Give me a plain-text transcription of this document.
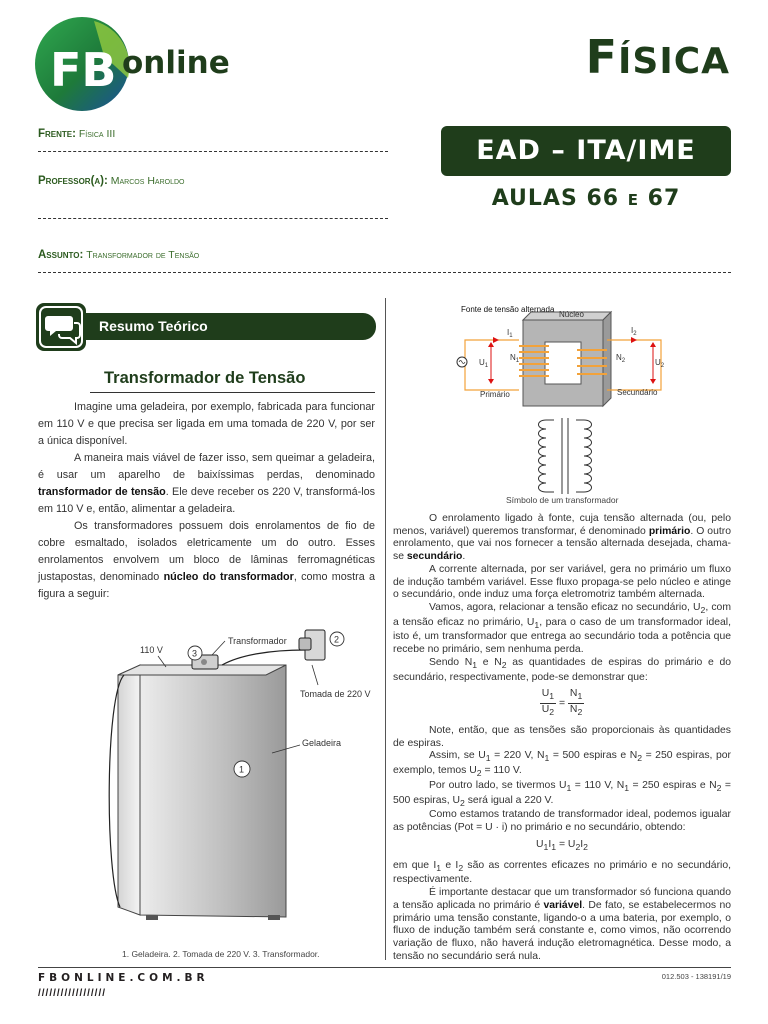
FB online	FÍSICA
Frente: Física III
Professor(a): Marcos Haroldo
Assunto: Transformador de Tensão
EAD – ITA/IME
AULAS 66 E 67
Resumo Teórico
Transformador de Tensão

Imagine uma geladeira, por exemplo, fabricada para funcionar em 110 V e que precisa ser ligada em uma tomada de 220 V, por ser a única disponível.

A maneira mais viável de fazer isso, sem queimar a geladeira, é usar um aparelho de baixíssimas perdas, denominado transformador de tensão. Ele deve receber os 220 V, transformá-los em 110 V e, então, alimentar a geladeira.

Os transformadores possuem dois enrolamentos de fio de cobre esmaltado, isolados eletricamente um do outro. Esses enrolamentos envolvem um bloco de lâminas ferromagnéticas justapostas, denominado núcleo do transformador, como mostra a figura a seguir:

110 V
Transformador
Tomada de 220 V
Geladeira
3
2
1
1. Geladeira. 2. Tomada de 220 V. 3. Transformador.
Fonte de tensão alternada
Núcleo
Primário	Secundário
$I_1$
$I_2$
$N_1$	$N_2$
$U_1$	$U_2$
Símbolo de um transformador

O enrolamento ligado à fonte, cuja tensão alternada (ou, pelo menos, variável) queremos transformar, é denominado primário. O outro enrolamento, que vai nos fornecer a tensão alternada desejada, chama-se secundário.

A corrente alternada, por ser variável, gera no primário um fluxo de indução também variável. Esse fluxo propaga-se pelo núcleo e atinge o secundário, onde induz uma força eletromotriz também alternada.

Vamos, agora, relacionar a tensão eficaz no secundário, $U_2$, com a tensão eficaz no primário, $U_1$, para o caso de um transformador ideal, isto é, um transformador que entrega ao secundário toda a potência que recebe no primário, sem nenhuma perda.

Sendo $N_1$ e $N_2$ as quantidades de espiras do primário e do secundário, respectivamente, pode-se demonstrar que:

$\frac{U_1}{U_2} = \frac{N_1}{N_2}$

Note, então, que as tensões são proporcionais às quantidades de espiras.

Assim, se $U_1 = 220$ V, $N_1 = 500$ espiras e $N_2 = 250$ espiras, por exemplo, temos $U_2 = 110$ V.

Por outro lado, se tivermos $U_1 = 110$ V, $N_1 = 250$ espiras e $N_2 = 500$ espiras, $U_2$ será igual a 220 V.

Como estamos tratando de transformador ideal, podemos igualar as potências (Pot = U · i) no primário e no secundário, obtendo:

$U_1I_1 = U_2I_2$

em que $I_1$ e $I_2$ são as correntes eficazes no primário e no secundário, respectivamente.

É importante destacar que um transformador só funciona quando a tensão aplicada no primário é variável. De fato, se estabelecermos no primário uma tensão constante, ligando-o a uma bateria, por exemplo, o fluxo de indução também será constante e, como vimos, não ocorrendo variação de fluxo, não haverá indução eletromagnética. Desse modo, a tensão no secundário será nula.

FBONLINE.COM.BR
//////////////////
012.503 - 138191/19
